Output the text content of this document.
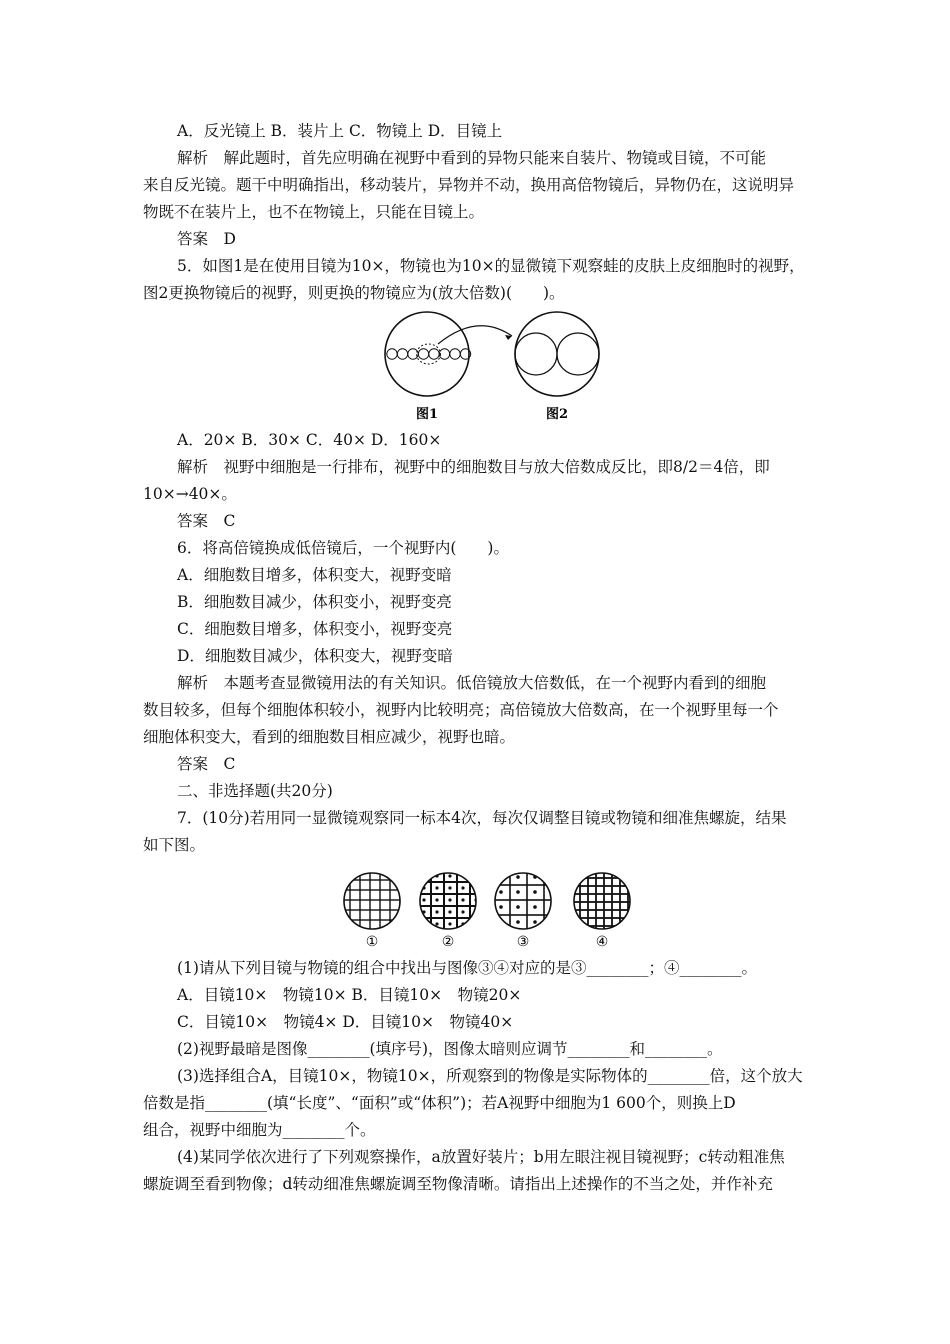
A．反光镜上 B．装片上 C．物镜上 D．目镜上

解析　解此题时，首先应明确在视野中看到的异物只能来自装片、物镜或目镜，不可能

来自反光镜。题干中明确指出，移动装片，异物并不动，换用高倍物镜后，异物仍在，这说明异

物既不在装片上，也不在物镜上，只能在目镜上。

答案　D

5．如图1是在使用目镜为10×，物镜也为10×的显微镜下观察蛙的皮肤上皮细胞时的视野，

图2更换物镜后的视野，则更换的物镜应为(放大倍数)(　　)。

A．20× B．30× C．40× D．160×

解析　视野中细胞是一行排布，视野中的细胞数目与放大倍数成反比，即8/2＝4倍，即

10×→40×。

答案　C

6．将高倍镜换成低倍镜后，一个视野内(　　)。

A．细胞数目增多，体积变大，视野变暗

B．细胞数目减少，体积变小，视野变亮

C．细胞数目增多，体积变小，视野变亮

D．细胞数目减少，体积变大，视野变暗

解析　本题考查显微镜用法的有关知识。低倍镜放大倍数低，在一个视野内看到的细胞

数目较多，但每个细胞体积较小，视野内比较明亮；高倍镜放大倍数高，在一个视野里每一个

细胞体积变大，看到的细胞数目相应减少，视野也暗。

答案　C

二、非选择题(共20分)

7．(10分)若用同一显微镜观察同一标本4次，每次仅调整目镜或物镜和细准焦螺旋，结果

如下图。

(1)请从下列目镜与物镜的组合中找出与图像③④对应的是③________；④________。

A．目镜10×　物镜10× B．目镜10×　物镜20×

C．目镜10×　物镜4× D．目镜10×　物镜40×

(2)视野最暗是图像________(填序号)，图像太暗则应调节________和________。

(3)选择组合A，目镜10×，物镜10×，所观察到的物像是实际物体的________倍，这个放大

倍数是指________(填“长度”、“面积”或“体积”)；若A视野中细胞为1 600个，则换上D

组合，视野中细胞为________个。

(4)某同学依次进行了下列观察操作，a放置好装片；b用左眼注视目镜视野；c转动粗准焦

螺旋调至看到物像；d转动细准焦螺旋调至物像清晰。请指出上述操作的不当之处，并作补充

图1	图2
①	②	③	④
